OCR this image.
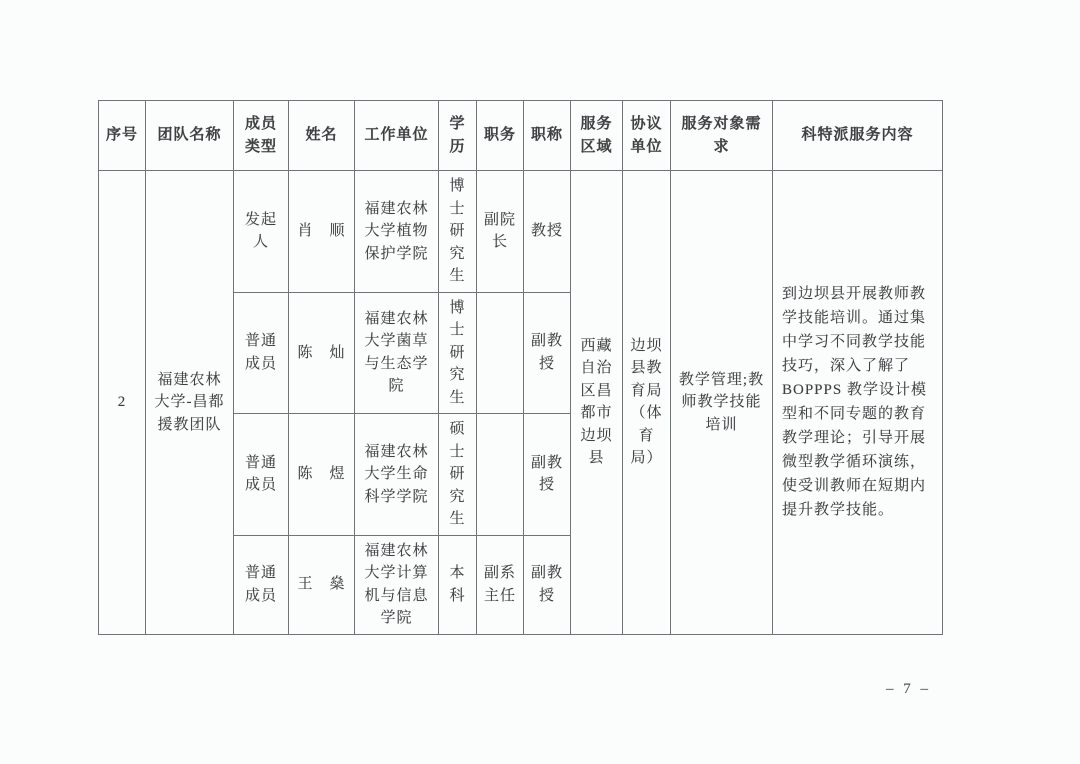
序号	团队名称	成员类型	姓名	工作单位	学历	职务	职称	服务区域	协议单位	服务对象需求	科特派服务内容
2	福建农林大学-昌都援教团队	发起人	肖　顺	福建农林大学植物保护学院	博士研究生	副院长	教授	西藏自治区昌都市边坝县	边坝县教育局（体育局）	教学管理;教师教学技能培训	到边坝县开展教师教学技能培训。通过集中学习不同教学技能技巧，深入了解了 BOPPPS 教学设计模型和不同专题的教育教学理论；引导开展微型教学循环演练，使受训教师在短期内提升教学技能。
		普通成员	陈　灿	福建农林大学菌草与生态学院	博士研究生		副教授				
		普通成员	陈　煜	福建农林大学生命科学学院	硕士研究生		副教授				
		普通成员	王　燊	福建农林大学计算机与信息学院	本科	副系主任	副教授				
– 7 –
